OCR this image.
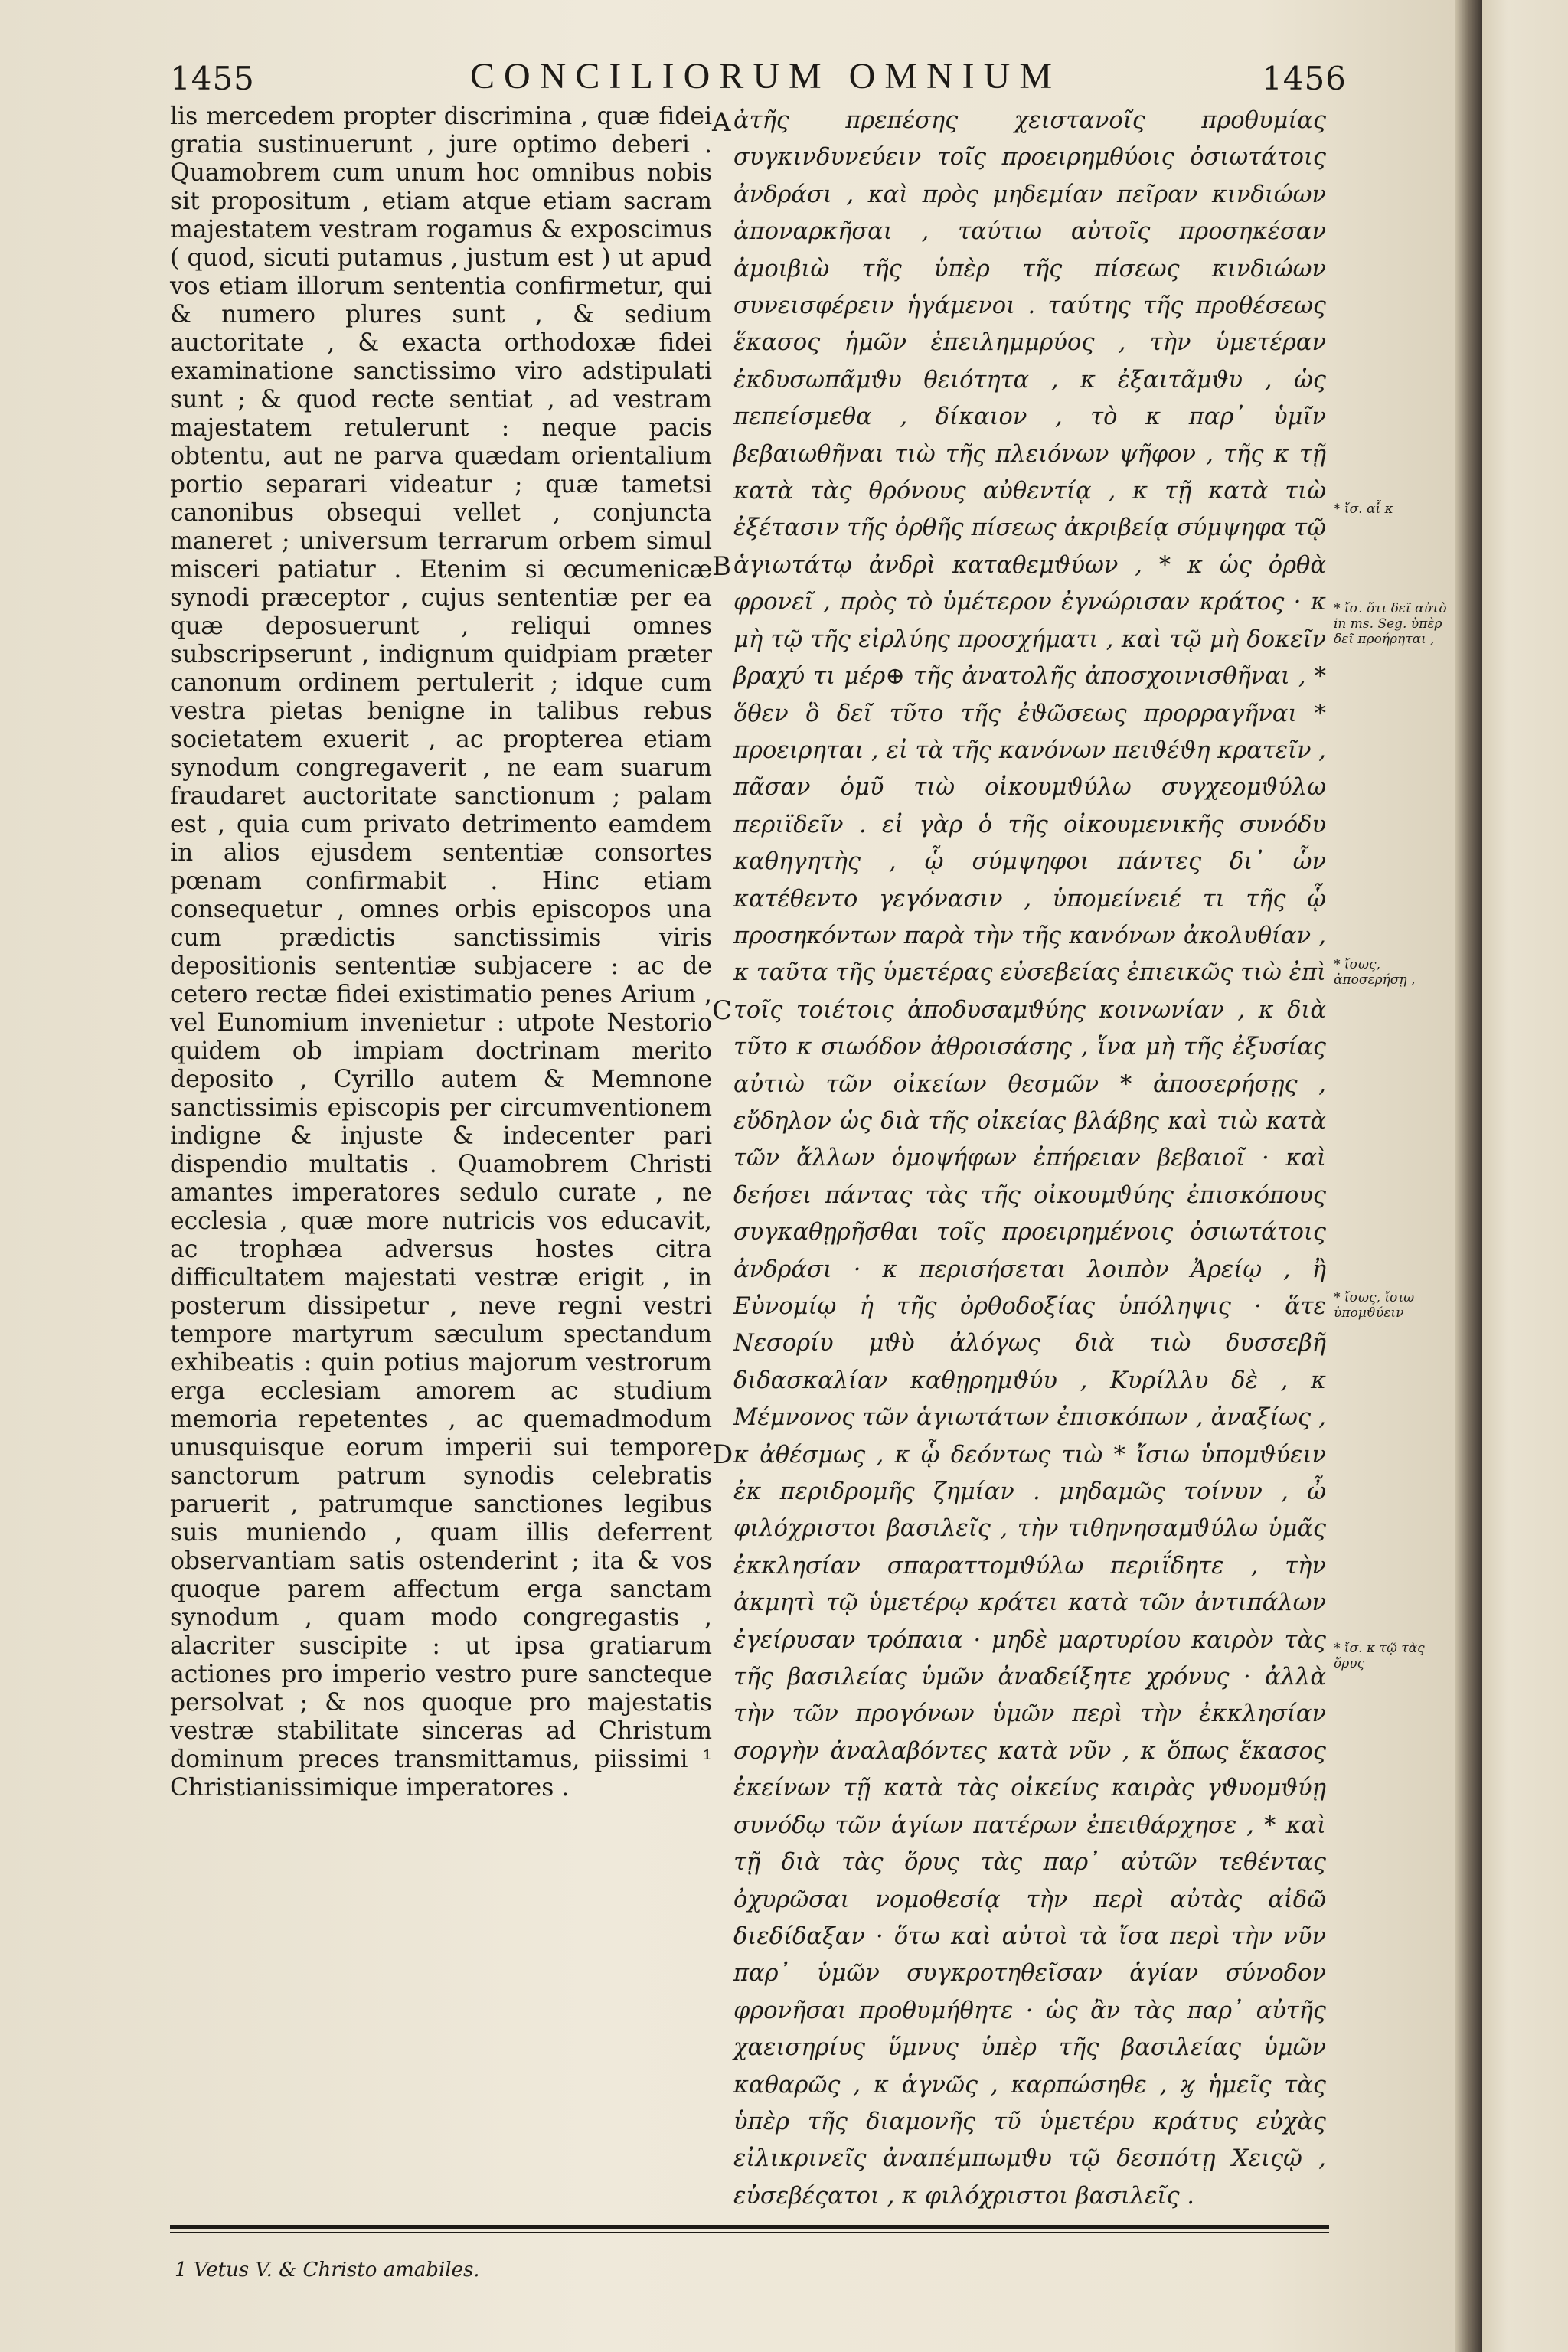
1455	CONCILIORUM OMNIUM	1456

lis mercedem propter discrimina , quæ fidei gratia sustinuerunt , jure optimo deberi . Quamobrem cum unum hoc omnibus nobis sit propositum , etiam atque etiam sacram majestatem vestram rogamus & exposcimus ( quod, sicuti putamus , justum est ) ut apud vos etiam illorum sententia confirmetur, qui & numero plures sunt , & sedium auctoritate , & exacta orthodoxæ fidei examinatione sanctissimo viro adstipulati sunt ; & quod recte sentiat , ad vestram majestatem retulerunt : neque pacis obtentu, aut ne parva quædam orientalium portio separari videatur ; quæ tametsi canonibus obsequi vellet , conjuncta maneret ; universum terrarum orbem simul misceri patiatur . Etenim si œcumenicæ synodi præceptor , cujus sententiæ per ea quæ deposuerunt , reliqui omnes subscripserunt , indignum quidpiam præter canonum ordinem pertulerit ; idque cum vestra pietas benigne in talibus rebus societatem exuerit , ac propterea etiam synodum congregaverit , ne eam suarum fraudaret auctoritate sanctionum ; palam est , quia cum privato detrimento eamdem in alios ejusdem sententiæ consortes pœnam confirmabit . Hinc etiam consequetur , omnes orbis episcopos una cum prædictis sanctissimis viris depositionis sententiæ subjacere : ac de cetero rectæ fidei existimatio penes Arium , vel Eunomium invenietur : utpote Nestorio quidem ob impiam doctrinam merito deposito , Cyrillo autem & Memnone sanctissimis episcopis per circumventionem indigne & injuste & indecenter pari dispendio multatis . Quamobrem Christi amantes imperatores sedulo curate , ne ecclesia , quæ more nutricis vos educavit, ac trophæa adversus hostes citra difficultatem majestati vestræ erigit , in posterum dissipetur , neve regni vestri tempore martyrum sæculum spectandum exhibeatis : quin potius majorum vestrorum erga ecclesiam amorem ac studium memoria repetentes , ac quemadmodum unusquisque eorum imperii sui tempore sanctorum patrum synodis celebratis paruerit , patrumque sanctiones legibus suis muniendo , quam illis deferrent observantiam satis ostenderint ; ita & vos quoque parem affectum erga sanctam synodum , quam modo congregastis , alacriter suscipite : ut ipsa gratiarum actiones pro imperio vestro pure sancteque persolvat ; & nos quoque pro majestatis vestræ stabilitate sinceras ad Christum dominum preces transmittamus, piissimi ¹ Christianissimique imperatores .

A
B
C
D

ἀτῆς πρεπέσης χειστανοῖς προθυμίας συγκινδυνεύειν τοῖς προειρημθύοις ὁσιωτάτοις ἀνδράσι , καὶ πρὸς μηδεμίαν πεῖραν κινδιώων ἀποναρκῆσαι , ταύτιω αὐτοῖς προσηκέσαν ἀμοιβιὼ τῆς ὑπὲρ τῆς πίσεως κινδιώων συνεισφέρειν ἡγάμενοι . ταύτης τῆς προθέσεως ἕκασος ἡμῶν ἐπειλημμρύος , τὴν ὑμετέραν ἐκδυσωπᾶμϑυ θειότητα , κ ἐξαιτᾶμϑυ , ὡς πεπείσμεθα , δίκαιον , τὸ κ παρ᾽ ὑμῖν βεβαιωθῆναι τιὼ τῆς πλειόνων ψῆφον , τῆς κ τῇ κατὰ τὰς θρόνους αὐθεντίᾳ , κ τῇ κατὰ τιὼ ἐξέτασιν τῆς ὀρθῆς πίσεως ἀκριβείᾳ σύμψηφα τῷ ἁγιωτάτῳ ἀνδρὶ καταθεμϑύων , * κ ὡς ὀρθὰ φρονεῖ , πρὸς τὸ ὑμέτερον ἐγνώρισαν κράτος · κ μὴ τῷ τῆς εἰρλύης προσχήματι , καὶ τῷ μὴ δοκεῖν βραχύ τι μέρ⊕ τῆς ἀνατολῆς ἀποσχοινισθῆναι , * ὅθεν ὃ δεῖ τῦτο τῆς ἐϑῶσεως προρραγῆναι * προειρηται , εἰ τὰ τῆς κανόνων πειϑέϑη κρατεῖν , πᾶσαν ὁμῦ τιὼ οἰκουμϑύλω συγχεομϑύλω περιϊδεῖν . εἰ γὰρ ὁ τῆς οἰκουμενικῆς συνόδυ καθηγητὴς , ᾧ σύμψηφοι πάντες δι᾽ ὧν κατέθεντο γεγόνασιν , ὑπομείνειέ τι τῆς ᾧ προσηκόντων παρὰ τὴν τῆς κανόνων ἀκολυθίαν , κ ταῦτα τῆς ὑμετέρας εὐσεβείας ἐπιεικῶς τιὼ ἐπὶ τοῖς τοιέτοις ἀποδυσαμϑύης κοινωνίαν , κ διὰ τῦτο κ σιωόδον ἀθροισάσης , ἵνα μὴ τῆς ἐξυσίας αὐτιὼ τῶν οἰκείων θεσμῶν * ἀποσερήσῃς , εὔδηλον ὡς διὰ τῆς οἰκείας βλάβης καὶ τιὼ κατὰ τῶν ἄλλων ὁμοψήφων ἐπήρειαν βεβαιοῖ · καὶ δεήσει πάντας τὰς τῆς οἰκουμϑύης ἐπισκόπους συγκαθῃρῆσθαι τοῖς προειρημένοις ὁσιωτάτοις ἀνδράσι · κ περισήσεται λοιπὸν Ἀρείῳ , ἢ Εὐνομίῳ ἡ τῆς ὀρθοδοξίας ὑπόληψις · ἅτε Νεσορίυ μϑὺ ἀλόγως διὰ τιὼ δυσσεβῆ διδασκαλίαν καθῃρημϑύυ , Κυρίλλυ δὲ , κ Μέμνονος τῶν ἁγιωτάτων ἐπισκόπων , ἀναξίως , κ ἀθέσμως , κ ᾧ δεόντως τιὼ * ἴσιω ὑπομϑύειν ἐκ περιδρομῆς ζημίαν . μηδαμῶς τοίνυν , ὦ φιλόχριστοι βασιλεῖς , τὴν τιθηνησαμϑύλω ὑμᾶς ἐκκλησίαν σπαραττομϑύλω περιΐδητε , τὴν ἀκμητὶ τῷ ὑμετέρῳ κράτει κατὰ τῶν ἀντιπάλων ἐγείρυσαν τρόπαια · μηδὲ μαρτυρίου καιρὸν τὰς τῆς βασιλείας ὑμῶν ἀναδείξητε χρόνυς · ἀλλὰ τὴν τῶν προγόνων ὑμῶν περὶ τὴν ἐκκλησίαν σοργὴν ἀναλαβόντες κατὰ νῦν , κ ὅπως ἕκασος ἐκείνων τῇ κατὰ τὰς οἰκείυς καιρὰς γϑυομϑύῃ συνόδῳ τῶν ἁγίων πατέρων ἐπειθάρχησε , * καὶ τῇ διὰ τὰς ὅρυς τὰς παρ᾽ αὐτῶν τεθέντας ὀχυρῶσαι νομοθεσίᾳ τὴν περὶ αὐτὰς αἰδῶ διεδίδαξαν · ὅτω καὶ αὐτοὶ τὰ ἴσα περὶ τὴν νῦν παρ᾽ ὑμῶν συγκροτηθεῖσαν ἁγίαν σύνοδον φρονῆσαι προθυμήθητε · ὡς ἂν τὰς παρ᾽ αὐτῆς χαεισηρίυς ὕμνυς ὑπὲρ τῆς βασιλείας ὑμῶν καθαρῶς , κ ἁγνῶς , καρπώσηθε , ϗ ἡμεῖς τὰς ὑπὲρ τῆς διαμονῆς τῦ ὑμετέρυ κράτυς εὐχὰς εἰλικρινεῖς ἀναπέμπωμϑυ τῷ δεσπότῃ Χειςῷ , εὐσεβέςατοι , κ φιλόχριστοι βασιλεῖς .

* ἴσ. αἷ κ
* ἴσ. ὅτι δεῖ αὐτὸ in ms. Seg. ὑπὲρ δεῖ προήρηται ,
* ἴσως, ἀποσερήσῃ ,
* ἴσως, ἴσιω ὑπομϑύειν
* ἴσ. κ τῷ τὰς ὅρυς
1 Vetus V. & Christo amabiles.
